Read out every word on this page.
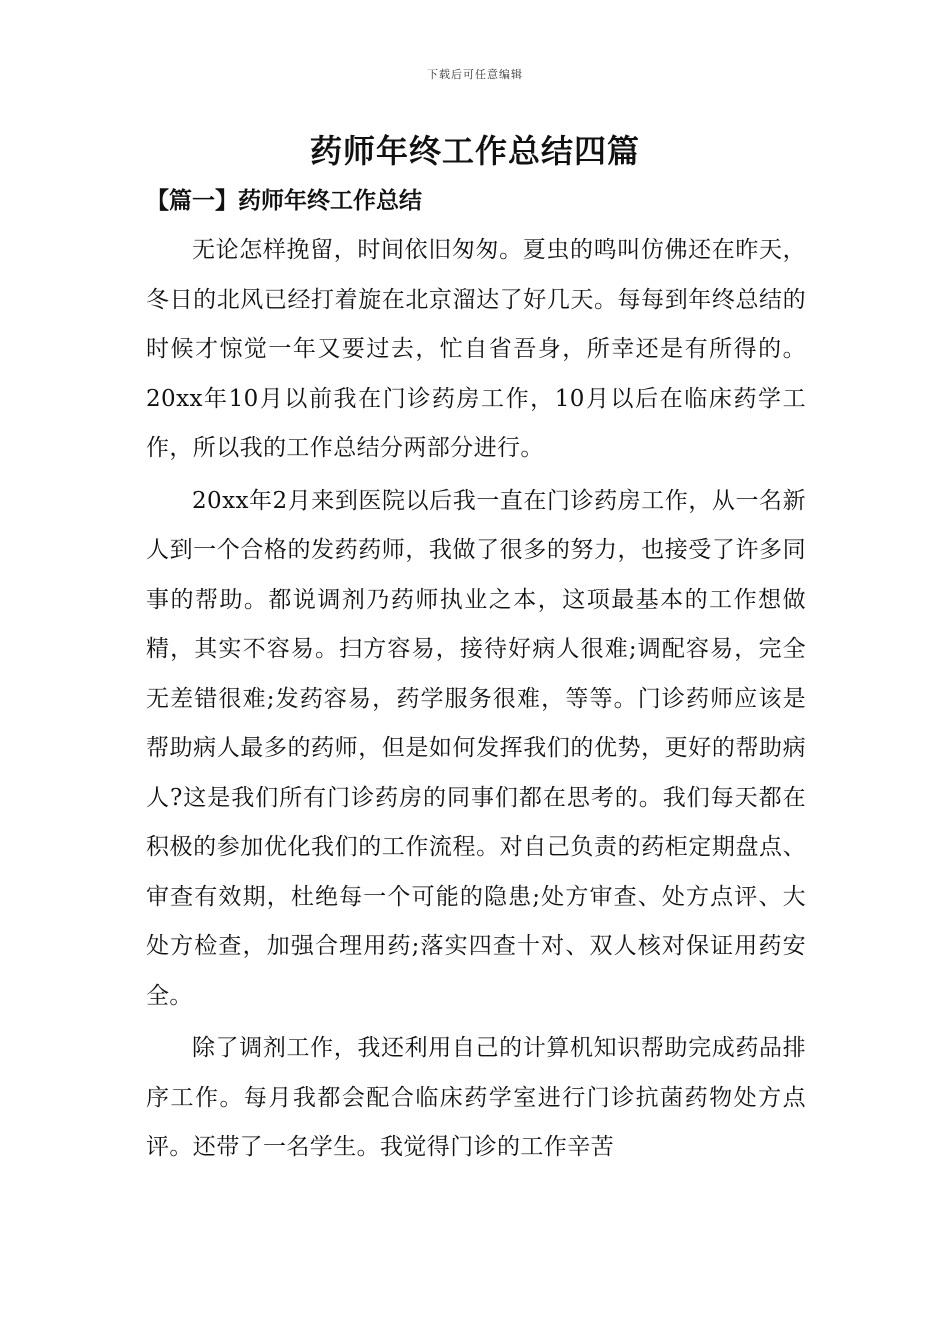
下载后可任意编辑
药师年终工作总结四篇
【篇一】药师年终工作总结

无论怎样挽留，时间依旧匆匆。夏虫的鸣叫仿佛还在昨天，冬日的北风已经打着旋在北京溜达了好几天。每每到年终总结的时候才惊觉一年又要过去，忙自省吾身，所幸还是有所得的。20xx年10月以前我在门诊药房工作，10月以后在临床药学工作，所以我的工作总结分两部分进行。

20xx年2月来到医院以后我一直在门诊药房工作，从一名新人到一个合格的发药药师，我做了很多的努力，也接受了许多同事的帮助。都说调剂乃药师执业之本，这项最基本的工作想做精，其实不容易。扫方容易，接待好病人很难;调配容易，完全无差错很难;发药容易，药学服务很难，等等。门诊药师应该是帮助病人最多的药师，但是如何发挥我们的优势，更好的帮助病人?这是我们所有门诊药房的同事们都在思考的。我们每天都在积极的参加优化我们的工作流程。对自己负责的药柜定期盘点、审查有效期，杜绝每一个可能的隐患;处方审查、处方点评、大处方检查，加强合理用药;落实四查十对、双人核对保证用药安全。

除了调剂工作，我还利用自己的计算机知识帮助完成药品排序工作。每月我都会配合临床药学室进行门诊抗菌药物处方点评。还带了一名学生。我觉得门诊的工作辛苦
